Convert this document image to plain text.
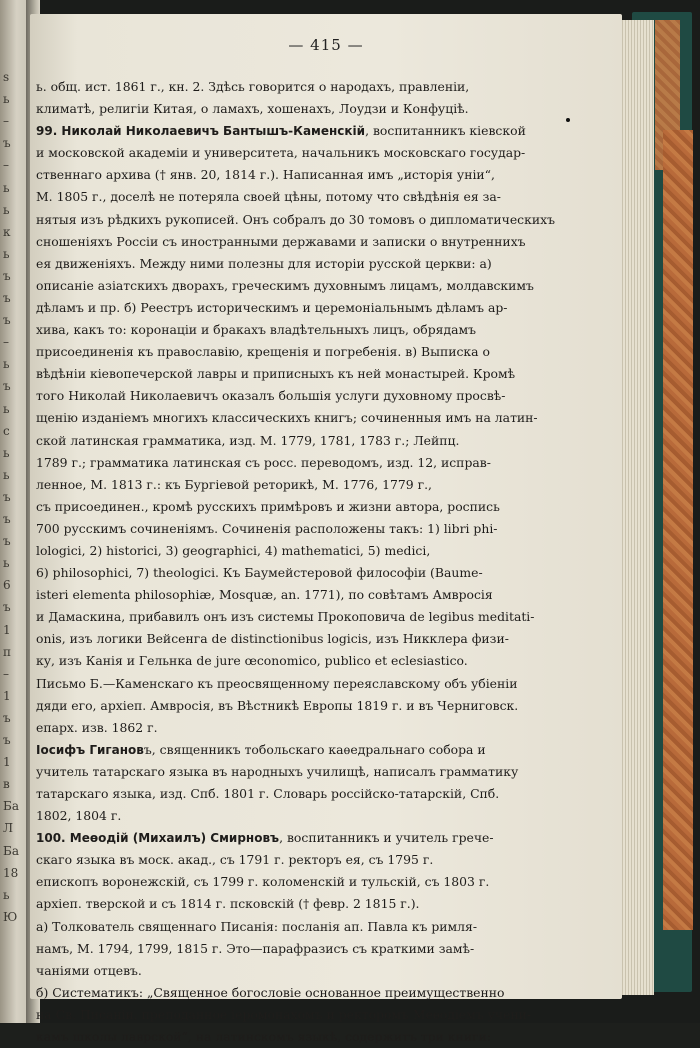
s
ь
–
ъ
–
ь
ь
к
ь
ъ
ъ
ъ
–
ь
ъ
ь
с
ь
ь
ъ
ъ
ъ
ь
6
ъ
1
п
–
1
ъ
ъ
1
в
Ба
Л
Ба
18
ь
Ю
— 415 —
ь. общ. ист. 1861 г., кн. 2. Здѣсь говорится о народахъ, правленіи,
климатѣ, религіи Китая, о ламахъ, хошенахъ, Лоудзи и Конфуціѣ.
99. Николай Николаевичъ Бантышъ-Каменскій, воспитанникъ кіевской
и московской академіи и университета, начальникъ московскаго государ-
ственнаго архива († янв. 20, 1814 г.). Написанная имъ „исторія уніи“,
М. 1805 г., доселѣ не потеряла своей цѣны, потому что свѣдѣнія ея за-
нятыя изъ рѣдкихъ рукописей. Онъ собралъ до 30 томовъ о дипломатическихъ
сношеніяхъ Россіи съ иностранными державами и записки о внутреннихъ
ея движеніяхъ. Между ними полезны для исторіи русской церкви: а)
описаніе азіатскихъ дворахъ, греческимъ духовнымъ лицамъ, молдавскимъ
дѣламъ и пр. б) Реестръ историческимъ и церемоніальнымъ дѣламъ ар-
хива, какъ то: коронаціи и бракахъ владѣтельныхъ лицъ, обрядамъ
присоединенія къ православію, крещенія и погребенія. в) Выписка о
вѣдѣніи кіевопечерской лавры и приписныхъ къ ней монастырей. Кромѣ
того Николай Николаевичъ оказалъ большія услуги духовному просвѣ-
щенію изданіемъ многихъ классическихъ книгъ; сочиненныя имъ на латин-
ской латинская грамматика, изд. М. 1779, 1781, 1783 г.; Лейпц.
1789 г.; грамматика латинская съ росс. переводомъ, изд. 12, исправ-
ленное, М. 1813 г.: къ Бургіевой реторикѣ, М. 1776, 1779 г.,
съ присоединен., кромѣ русскихъ примѣровъ и жизни автора, роспись
700 русскимъ сочиненіямъ. Сочиненія расположены такъ: 1) libri phi-
lologici, 2) historici, 3) geographici, 4) mathematici, 5) medici,
6) philosophici, 7) theologici. Къ Баумейстеровой философіи (Baume-
isteri elementa philosophiæ, Mosquæ, an. 1771), по совѣтамъ Амвросія
и Дамаскина, прибавилъ онъ изъ системы Прокоповича de legibus meditati-
onis, изъ логики Вейсенга de distinctionibus logicis, изъ Никклера физи-
ку, изъ Канія и Гельнка de jure œconomico, publico et eclesiastico.
Письмо Б.—Каменскаго къ преосвященному переяславскому объ убіеніи
дяди его, архіеп. Амвросія, въ Вѣстникѣ Европы 1819 г. и въ Черниговск.
епарх. изв. 1862 г.
Іосифъ Гигановъ, священникъ тобольскаго каѳедральнаго собора и
учитель татарскаго языка въ народныхъ училищѣ, написалъ грамматику
татарскаго языка, изд. Спб. 1801 г. Словарь россійско-татарскій, Спб.
1802, 1804 г.
100. Меѳодій (Михаилъ) Смирновъ, воспитанникъ и учитель грече-
скаго языка въ моск. акад., съ 1791 г. ректоръ ея, съ 1795 г.
епископъ воронежскій, съ 1799 г. коломенскій и тульскій, съ 1803 г.
архіеп. тверской и съ 1814 г. псковскій († февр. 2 1815 г.).
а) Толкователь священнаго Писанія: посланія ап. Павла къ римля-
намъ, М. 1794, 1799, 1815 г. Это—парафразисъ съ краткими замѣ-
чаніями отцевъ.
б) Систематикъ: „Священное богословіе основанное преимущественно
на Св. Писаніи, преподанное іеромонахомъ и ректоромъ Меѳодіемъ учени-
камъ школы лаврской“, на латинскомъ языкѣ, содержитъ три книги:
